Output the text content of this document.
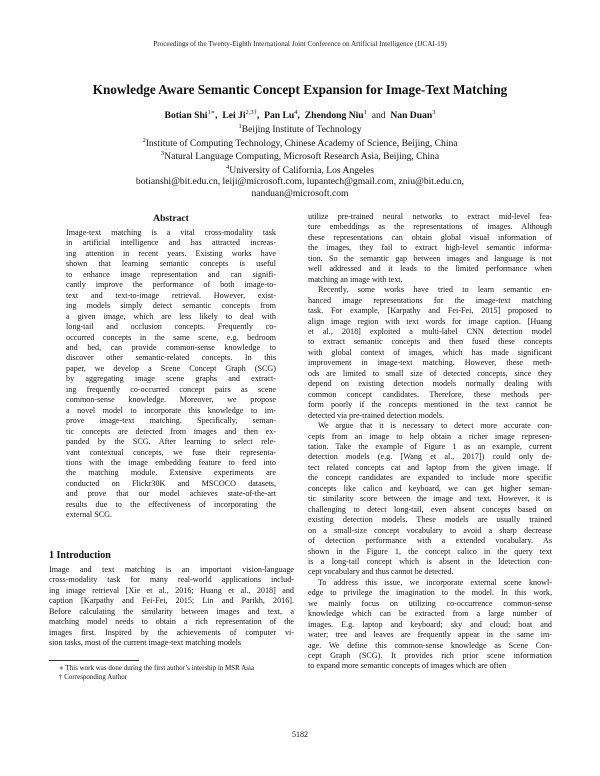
Proceedings of the Twenty-Eighth International Joint Conference on Artificial Intelligence (IJCAI-19)
Knowledge Aware Semantic Concept Expansion for Image-Text Matching
Botian Shi$^{1∗}$,  Lei $Ji^{2,3\dagger}$,  Pan Lu$^4$,  Zhendong Niu$^1$ and Nan Duan$^3$
$^1$Beijing Institute of Technology
$^2$Institute of Computing Technology, Chinese Academy of Science, Beijing, China
$^3$Natural Language Computing, Microsoft Research Asia, Beijing, China
$^4$University of California, Los Angeles
botianshi@bit.edu.cn, leiji@microsoft.com, lupantech@gmail.com, zniu@bit.edu.cn,
nanduan@microsoft.com
Abstract

Image-text matching is a vital cross-modality task
in artificial intelligence and has attracted increas-
ing attention in recent years. Existing works have
shown that learning semantic concepts is useful
to enhance image representation and can signifi-
cantly improve the performance of both image-to-
text and text-to-image retrieval. However, exist-
ing models simply detect semantic concepts from
a given image, which are less likely to deal with
long-tail and occlusion concepts. Frequently co-
occurred concepts in the same scene, e.g. bedroom
and bed, can provide common-sense knowledge to
discover other semantic-related concepts. In this
paper, we develop a Scene Concept Graph (SCG)
by aggregating image scene graphs and extract-
ing frequently co-occurred concept pairs as scene
common-sense knowledge. Moreover, we propose
a novel model to incorporate this knowledge to im-
prove image-text matching. Specifically, seman-
tic concepts are detected from images and then ex-
panded by the SCG. After learning to select rele-
vant contextual concepts, we fuse their representa-
tions with the image embedding feature to feed into
the matching module. Extensive experiments are
conducted on Flickr30K and MSCOCO datasets,
and prove that our model achieves state-of-the-art
results due to the effectiveness of incorporating the
external SCG.

1 Introduction

Image and text matching is an important vision-language
cross-modality task for many real-world applications includ-
ing image retrieval [Xie et al., 2016; Huang et al., 2018] and
caption [Karpathy and Fei-Fei, 2015; Lin and Parikh, 2016].
Before calculating the similarity between images and text, a
matching model needs to obtain a rich representation of the
images first. Inspired by the achievements of computer vi-
sion tasks, most of the current image-text matching models

∗ This work was done during the first author’s intership in MSR Asia
† Corresponding Author

utilize pre-trained neural networks to extract mid-level fea-
ture embeddings as the representations of images. Although
these representations can obtain global visual information of
the images, they fail to extract high-level semantic informa-
tion. So the semantic gap between images and language is not
well addressed and it leads to the limited performance when
matching an image with text.

Recently, some works have tried to learn semantic en-
hanced image representations for the image-text matching
task. For example, [Karpathy and Fei-Fei, 2015] proposed to
align image region with text words for image caption. [Huang
et al., 2018] exploited a multi-label CNN detection model
to extract semantic concepts and then fused these concepts
with global context of images, which has made significant
improvement in image-text matching. However, these meth-
ods are limited to small size of detected concepts, since they
depend on existing detection models normally dealing with
common concept candidates. Therefore, these methods per-
form poorly if the concepts mentioned in the text cannot be
detected via pre-trained detection models.

We argue that it is necessary to detect more accurate con-
cepts from an image to help obtain a richer image represen-
tation. Take the example of Figure 1 as an example, current
detection models (e.g. [Wang et al., 2017]) could only de-
tect related concepts cat and laptop from the given image. If
the concept candidates are expanded to include more specific
concepts like calico and keyboard, we can get higher seman-
tic similarity score between the image and text. However, it is
challenging to detect long-tail, even absent concepts based on
existing detection models. These models are usually trained
on a small-size concept vocabulary to avoid a sharp decrease
of detection performance with a extended vocabulary. As
shown in the Figure 1, the concept calico in the query text
is a long-tail concept which is absent in the ldetection con-
cept vocabulary and thus cannot be detected.

To address this issue, we incorporate external scene knowl-
edge to privilege the imagination to the model. In this work,
we mainly focus on utilizing co-occurrence common-sense
knowledge which can be extracted from a large number of
images. E.g. laptop and keyboard; sky and cloud; boat and
water; tree and leaves are frequently appear in the same im-
age. We define this common-sense knowledge as Scene Con-
cept Graph (SCG). It provides rich prior scene information
to expand more semantic concepts of images which are often

5182
